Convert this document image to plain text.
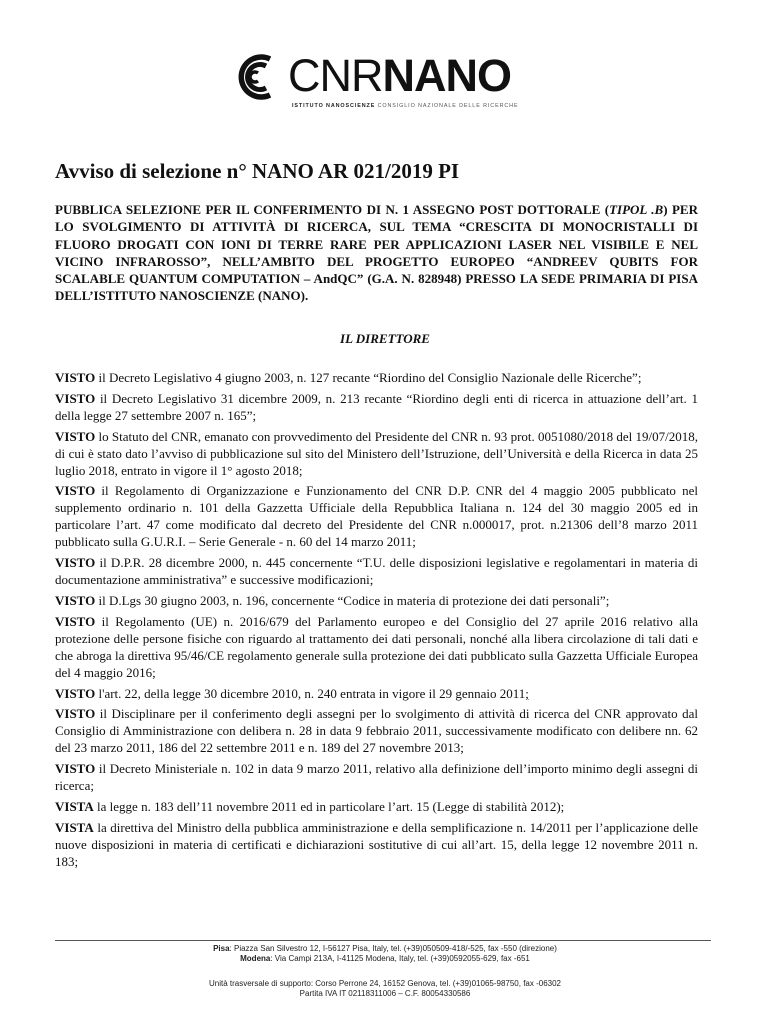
CNRNANO
ISTITUTO NANOSCIENZE CONSIGLIO NAZIONALE DELLE RICERCHE
Avviso di selezione n° NANO AR 021/2019 PI

PUBBLICA SELEZIONE PER IL CONFERIMENTO DI N. 1 ASSEGNO POST DOTTORALE (TIPOL .B) PER LO SVOLGIMENTO DI ATTIVITÀ DI RICERCA, SUL TEMA “CRESCITA DI MONOCRISTALLI DI FLUORO DROGATI CON IONI DI TERRE RARE PER APPLICAZIONI LASER NEL VISIBILE E NEL VICINO INFRAROSSO”, NELL’AMBITO DEL PROGETTO EUROPEO “ANDREEV QUBITS FOR SCALABLE QUANTUM COMPUTATION – AndQC” (G.A. N. 828948) PRESSO LA SEDE PRIMARIA DI PISA DELL’ISTITUTO NANOSCIENZE (NANO).

IL DIRETTORE

VISTO il Decreto Legislativo 4 giugno 2003, n. 127 recante “Riordino del Consiglio Nazionale delle Ricerche”;

VISTO il Decreto Legislativo 31 dicembre 2009, n. 213 recante “Riordino degli enti di ricerca in attuazione dell’art. 1 della legge 27 settembre 2007 n. 165”;

VISTO lo Statuto del CNR, emanato con provvedimento del Presidente del CNR n. 93 prot. 0051080/2018 del 19/07/2018, di cui è stato dato l’avviso di pubblicazione sul sito del Ministero dell’Istruzione, dell’Università e della Ricerca in data 25 luglio 2018, entrato in vigore il 1° agosto 2018;

VISTO il Regolamento di Organizzazione e Funzionamento del CNR D.P. CNR del 4 maggio 2005 pubblicato nel supplemento ordinario n. 101 della Gazzetta Ufficiale della Repubblica Italiana n. 124 del 30 maggio 2005 ed in particolare l’art. 47 come modificato dal decreto del Presidente del CNR n.000017, prot. n.21306 dell’8 marzo 2011 pubblicato sulla G.U.R.I. – Serie Generale - n. 60 del 14 marzo 2011;

VISTO il D.P.R. 28 dicembre 2000, n. 445 concernente “T.U. delle disposizioni legislative e regolamentari in materia di documentazione amministrativa” e successive modificazioni;

VISTO il D.Lgs 30 giugno 2003, n. 196, concernente “Codice in materia di protezione dei dati personali”;

VISTO il Regolamento (UE) n. 2016/679 del Parlamento europeo e del Consiglio del 27 aprile 2016 relativo alla protezione delle persone fisiche con riguardo al trattamento dei dati personali, nonché alla libera circolazione di tali dati e che abroga la direttiva 95/46/CE regolamento generale sulla protezione dei dati pubblicato sulla Gazzetta Ufficiale Europea del 4 maggio 2016;

VISTO l'art. 22, della legge 30 dicembre 2010, n. 240 entrata in vigore il 29 gennaio 2011;

VISTO il Disciplinare per il conferimento degli assegni per lo svolgimento di attività di ricerca del CNR approvato dal Consiglio di Amministrazione con delibera n. 28 in data 9 febbraio 2011, successivamente modificato con delibere nn. 62 del 23 marzo 2011, 186 del 22 settembre 2011 e n. 189 del 27 novembre 2013;

VISTO il Decreto Ministeriale n. 102 in data 9 marzo 2011, relativo alla definizione dell’importo minimo degli assegni di ricerca;

VISTA la legge n. 183 dell’11 novembre 2011 ed in particolare l’art. 15 (Legge di stabilità 2012);

VISTA la direttiva del Ministro della pubblica amministrazione e della semplificazione n. 14/2011 per l’applicazione delle nuove disposizioni in materia di certificati e dichiarazioni sostitutive di cui all’art. 15, della legge 12 novembre 2011 n. 183;

Pisa: Piazza San Silvestro 12, I-56127 Pisa, Italy, tel. (+39)050509-418/-525, fax -550 (direzione)

Modena: Via Campi 213A, I-41125 Modena, Italy, tel. (+39)0592055-629, fax -651

Unità trasversale di supporto: Corso Perrone 24, 16152 Genova, tel. (+39)01065-98750, fax -06302

Partita IVA IT 02118311006 – C.F. 80054330586
